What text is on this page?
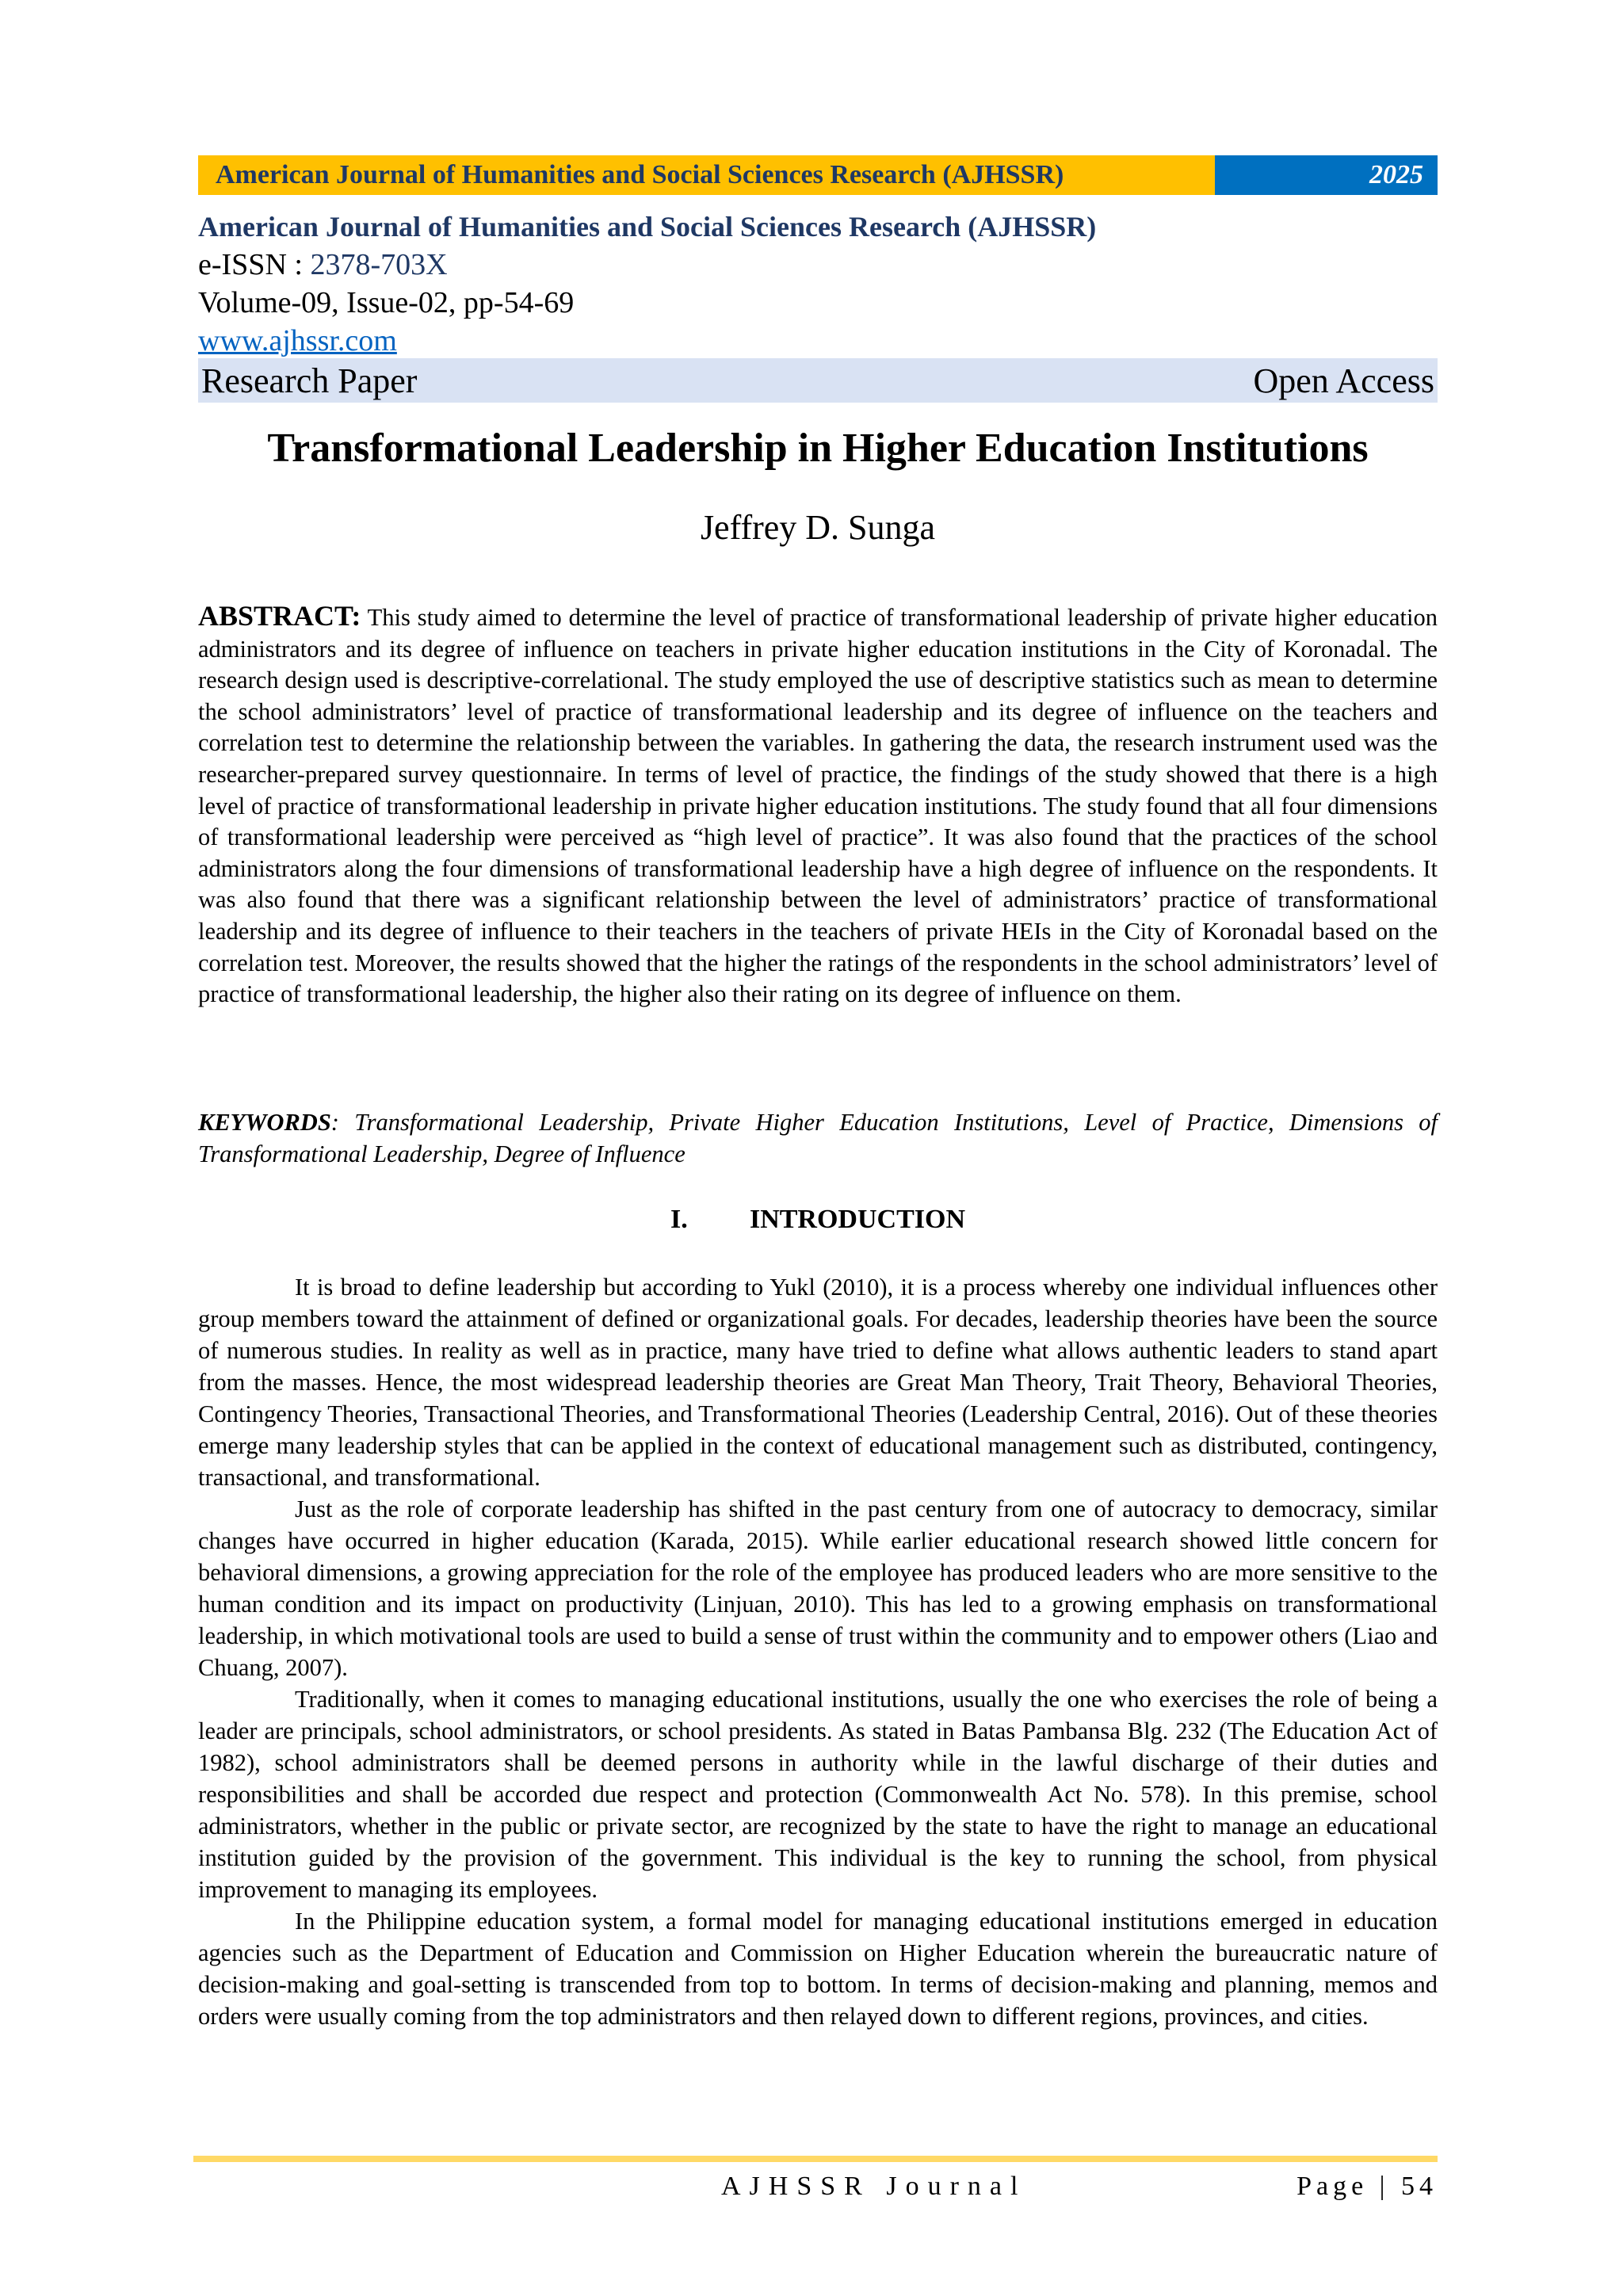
American Journal of Humanities and Social Sciences Research (AJHSSR)	2025
American Journal of Humanities and Social Sciences Research (AJHSSR)
e-ISSN : 2378-703X
Volume-09, Issue-02, pp-54-69
www.ajhssr.com
Research Paper	Open Access
Transformational Leadership in Higher Education Institutions
Jeffrey D. Sunga

ABSTRACT: This study aimed to determine the level of practice of transformational leadership of private higher education administrators and its degree of influence on teachers in private higher education institutions in the City of Koronadal. The research design used is descriptive-correlational. The study employed the use of descriptive statistics such as mean to determine the school administrators’ level of practice of transformational leadership and its degree of influence on the teachers and correlation test to determine the relationship between the variables. In gathering the data, the research instrument used was the researcher-prepared survey questionnaire. In terms of level of practice, the findings of the study showed that there is a high level of practice of transformational leadership in private higher education institutions. The study found that all four dimensions of transformational leadership were perceived as “high level of practice”. It was also found that the practices of the school administrators along the four dimensions of transformational leadership have a high degree of influence on the respondents. It was also found that there was a significant relationship between the level of administrators’ practice of transformational leadership and its degree of influence to their teachers in the teachers of private HEIs in the City of Koronadal based on the correlation test. Moreover, the results showed that the higher the ratings of the respondents in the school administrators’ level of practice of transformational leadership, the higher also their rating on its degree of influence on them.

KEYWORDS: Transformational Leadership, Private Higher Education Institutions, Level of Practice, Dimensions of Transformational Leadership, Degree of Influence

I. INTRODUCTION

It is broad to define leadership but according to Yukl (2010), it is a process whereby one individual influences other group members toward the attainment of defined or organizational goals. For decades, leadership theories have been the source of numerous studies. In reality as well as in practice, many have tried to define what allows authentic leaders to stand apart from the masses. Hence, the most widespread leadership theories are Great Man Theory, Trait Theory, Behavioral Theories, Contingency Theories, Transactional Theories, and Transformational Theories (Leadership Central, 2016). Out of these theories emerge many leadership styles that can be applied in the context of educational management such as distributed, contingency, transactional, and transformational.

Just as the role of corporate leadership has shifted in the past century from one of autocracy to democracy, similar changes have occurred in higher education (Karada, 2015). While earlier educational research showed little concern for behavioral dimensions, a growing appreciation for the role of the employee has produced leaders who are more sensitive to the human condition and its impact on productivity (Linjuan, 2010). This has led to a growing emphasis on transformational leadership, in which motivational tools are used to build a sense of trust within the community and to empower others (Liao and Chuang, 2007).

Traditionally, when it comes to managing educational institutions, usually the one who exercises the role of being a leader are principals, school administrators, or school presidents. As stated in Batas Pambansa Blg. 232 (The Education Act of 1982), school administrators shall be deemed persons in authority while in the lawful discharge of their duties and responsibilities and shall be accorded due respect and protection (Commonwealth Act No. 578). In this premise, school administrators, whether in the public or private sector, are recognized by the state to have the right to manage an educational institution guided by the provision of the government. This individual is the key to running the school, from physical improvement to managing its employees.

In the Philippine education system, a formal model for managing educational institutions emerged in education agencies such as the Department of Education and Commission on Higher Education wherein the bureaucratic nature of decision-making and goal-setting is transcended from top to bottom. In terms of decision-making and planning, memos and orders were usually coming from the top administrators and then relayed down to different regions, provinces, and cities.

AJHSSR Journal	Page | 54
